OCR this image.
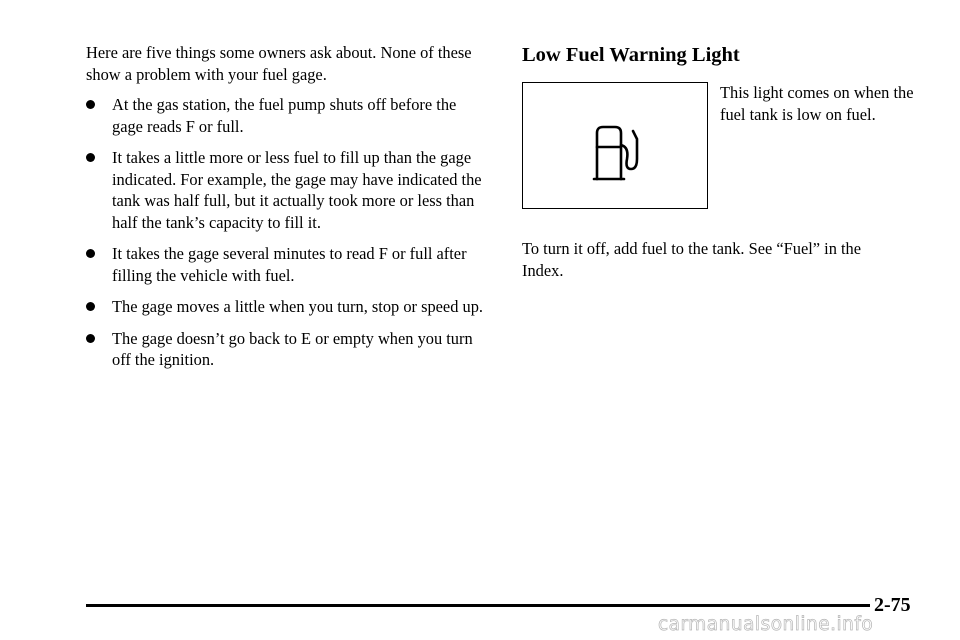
Here are five things some owners ask about. None of these show a problem with your fuel gage.

At the gas station, the fuel pump shuts off before the gage reads F or full.
It takes a little more or less fuel to fill up than the gage indicated. For example, the gage may have indicated the tank was half full, but it actually took more or less than half the tank’s capacity to fill it.
It takes the gage several minutes to read F or full after filling the vehicle with fuel.
The gage moves a little when you turn, stop or speed up.
The gage doesn’t go back to E or empty when you turn off the ignition.
Low Fuel Warning Light

This light comes on when the fuel tank is low on fuel.

To turn it off, add fuel to the tank. See “Fuel” in the Index.

2-75
carmanualsonline.info
